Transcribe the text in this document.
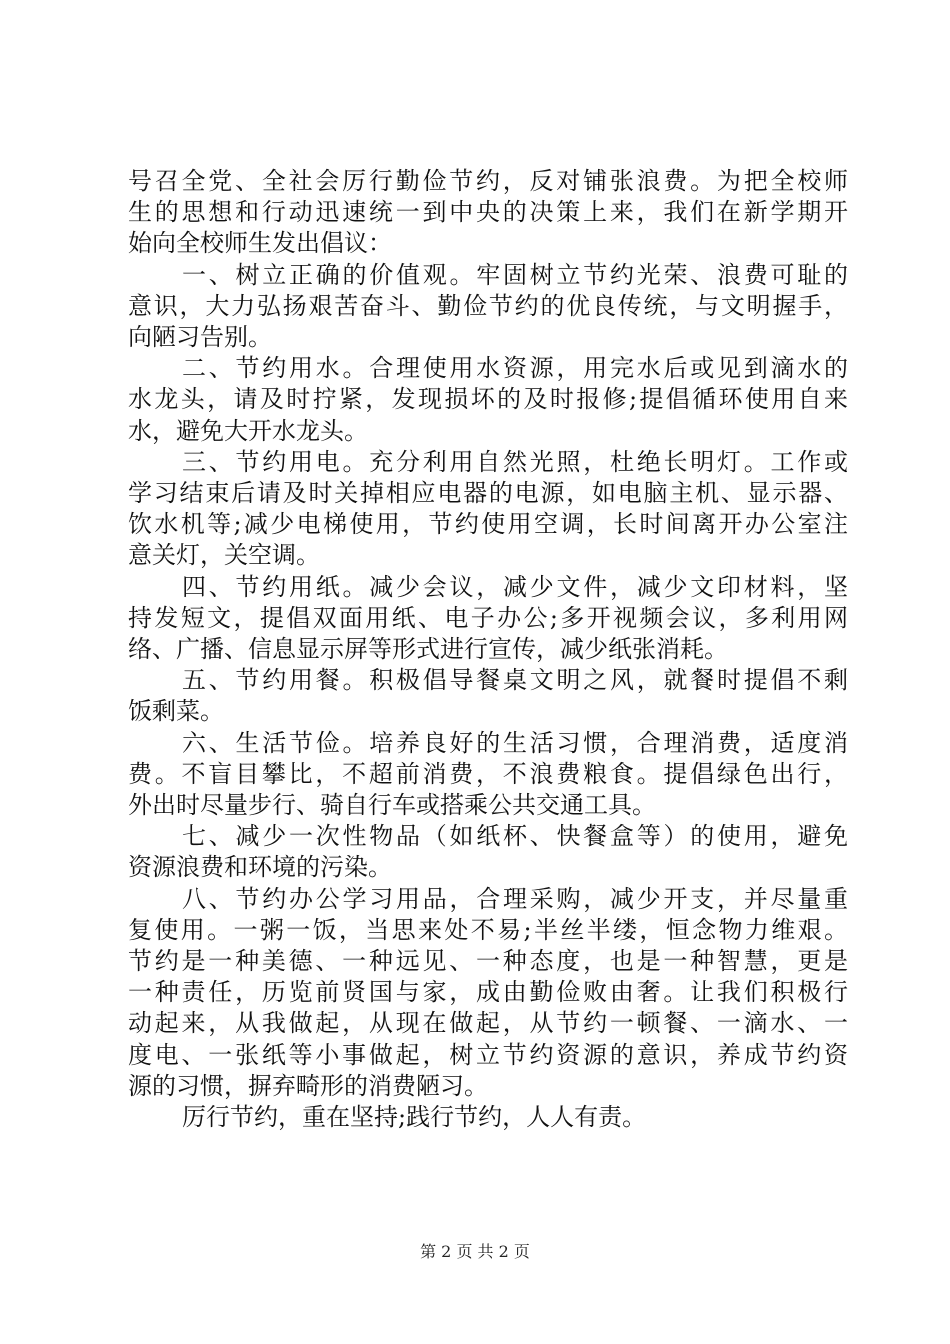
号召全党、全社会厉行勤俭节约，反对铺张浪费。为把全校师
生的思想和行动迅速统一到中央的决策上来，我们在新学期开
始向全校师生发出倡议：
一、树立正确的价值观。牢固树立节约光荣、浪费可耻的
意识，大力弘扬艰苦奋斗、勤俭节约的优良传统，与文明握手，
向陋习告别。
二、节约用水。合理使用水资源，用完水后或见到滴水的
水龙头，请及时拧紧，发现损坏的及时报修;提倡循环使用自来
水，避免大开水龙头。
三、节约用电。充分利用自然光照，杜绝长明灯。工作或
学习结束后请及时关掉相应电器的电源，如电脑主机、显示器、
饮水机等;减少电梯使用，节约使用空调，长时间离开办公室注
意关灯，关空调。
四、节约用纸。减少会议，减少文件，减少文印材料，坚
持发短文，提倡双面用纸、电子办公;多开视频会议，多利用网
络、广播、信息显示屏等形式进行宣传，减少纸张消耗。
五、节约用餐。积极倡导餐桌文明之风，就餐时提倡不剩
饭剩菜。
六、生活节俭。培养良好的生活习惯，合理消费，适度消
费。不盲目攀比，不超前消费，不浪费粮食。提倡绿色出行，
外出时尽量步行、骑自行车或搭乘公共交通工具。
七、减少一次性物品（如纸杯、快餐盒等）的使用，避免
资源浪费和环境的污染。
八、节约办公学习用品，合理采购，减少开支，并尽量重
复使用。一粥一饭，当思来处不易;半丝半缕，恒念物力维艰。
节约是一种美德、一种远见、一种态度，也是一种智慧，更是
一种责任，历览前贤国与家，成由勤俭败由奢。让我们积极行
动起来，从我做起，从现在做起，从节约一顿餐、一滴水、一
度电、一张纸等小事做起，树立节约资源的意识，养成节约资
源的习惯，摒弃畸形的消费陋习。
厉行节约，重在坚持;践行节约，人人有责。
第 2 页 共 2 页
